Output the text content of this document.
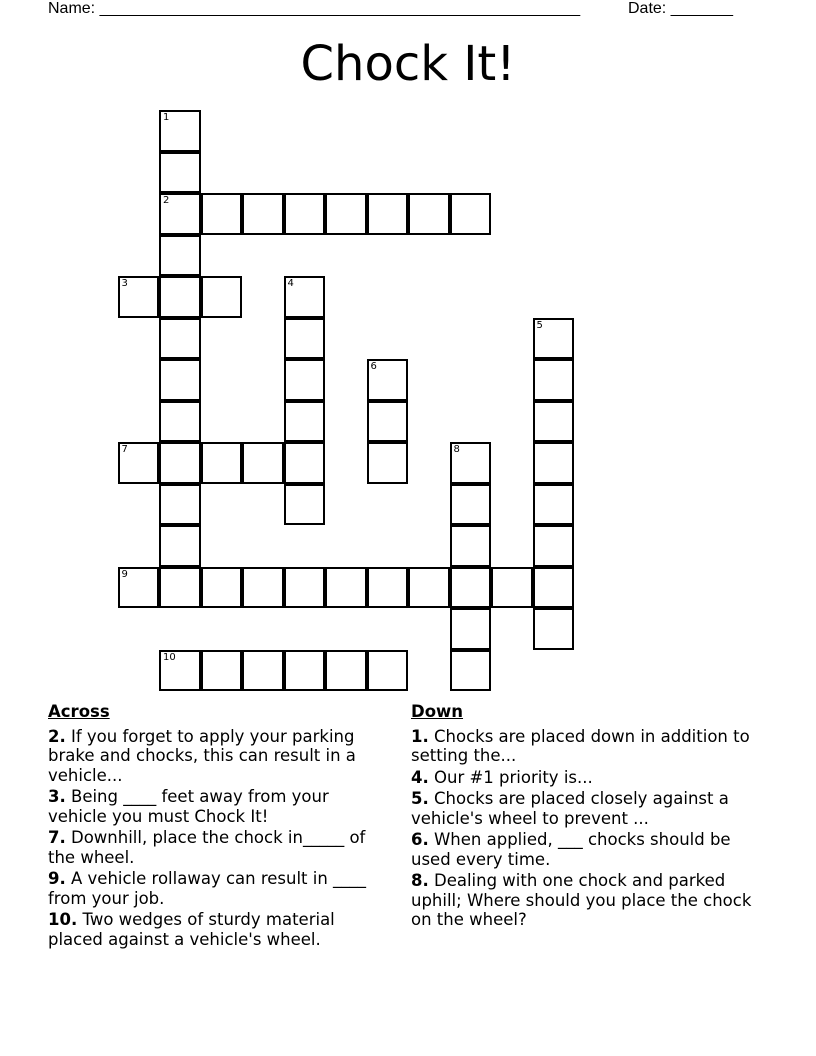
Name: ______________________________________________________	Date: _______
Chock It!
1
2
3	4
5
6
7	8
9
10
Across
2. If you forget to apply your parking brake and chocks, this can result in a vehicle...
3. Being ____ feet away from your vehicle you must Chock It!
7. Downhill, place the chock in_____ of the wheel.
9. A vehicle rollaway can result in ____ from your job.
10. Two wedges of sturdy material placed against a vehicle's wheel.
Down
1. Chocks are placed down in addition to setting the...
4. Our #1 priority is...
5. Chocks are placed closely against a vehicle's wheel to prevent ...
6. When applied, ___ chocks should be used every time.
8. Dealing with one chock and parked uphill; Where should you place the chock on the wheel?
